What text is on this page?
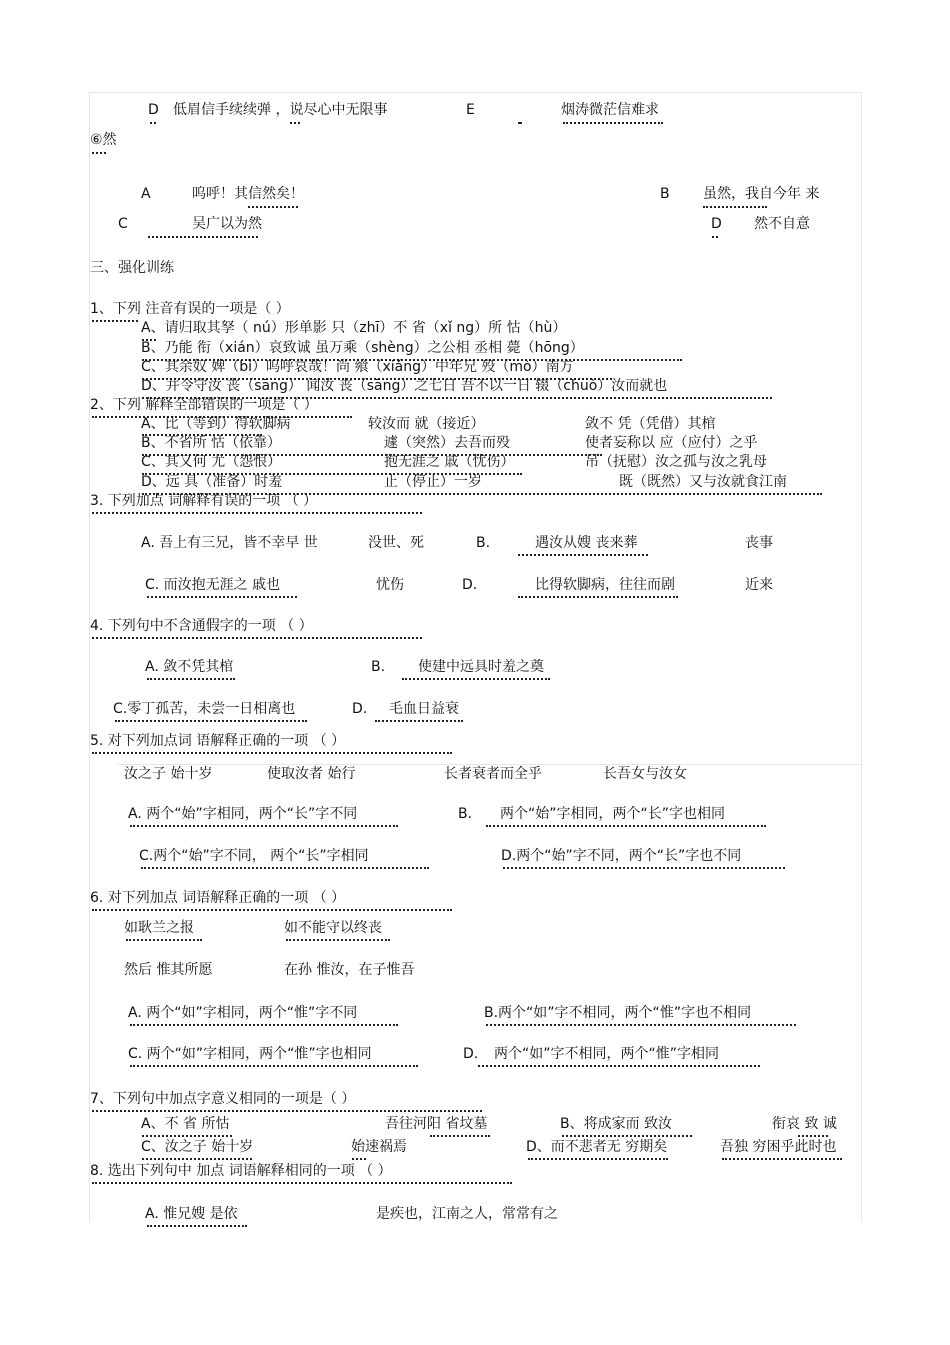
D 低眉信手续续弹 ，说尽心中无限事	E	烟涛微茫信难求
⑥然
A	呜呼！其信然矣！	B 虽然，我自今年 来
C	吴广以为然	D 然不自意
三、强化训练
1、下列 注音有误的一项是（ ）
A、请归取其孥（ nú）形单影 只（zhī）不 省（xǐ ng）所 怙（hù）
B、乃能 衔（xián）哀致诚 虽万乘（shèng）之公相 丞相 薨（hōng）
C、其余奴 婢（bì）呜呼哀哉！尚 飨（xiǎng）中年兄 殁（mò）南方
D、并令守汝 丧（sāng） 闻汝 丧（sāng）之七日 吾不以一日 辍（chuò）汝而就也
2、下列 解释全部错误的一项是（ ）
A、比（等到）得软脚病	较汝而 就（接近）	敛不 凭（凭借）其棺
B、不省所 怙（依靠）	遽（突然）去吾而殁	使者妄称以 应（应付）之乎
C、其又何 尤（怨恨）	抱无涯之 戚（忧伤）	吊（抚慰）汝之孤与汝之乳母
D、远 具（准备）时羞	止（停止）一岁	既（既然）又与汝就食江南
3. 下列加点 词解释有误的一项 （ ）
A. 吾上有三兄，皆不幸早 世	没世、死	B.	遇汝从嫂 丧来葬	丧事
C. 而汝抱无涯之 戚也	忧伤	D.	比得软脚病，往往而剧	近来
4. 下列句中不含通假字的一项 （ ）
A. 敛不凭其棺	B. 使建中远具时羞之奠
C.零丁孤苦，未尝一日相离也	D. 毛血日益衰
5. 对下列加点词 语解释正确的一项 （ ）
汝之子 始十岁	使取汝者 始行	长者衰者而全乎	长吾女与汝女
A. 两个“始”字相同，两个“长”字不同	B. 两个“始”字相同，两个“长”字也相同
C.两个“始”字不同， 两个“长”字相同	D.两个“始”字不同，两个“长”字也不同
6. 对下列加点 词语解释正确的一项 （ ）
如耿兰之报	如不能守以终丧
然后 惟其所愿	在孙 惟汝，在子惟吾
A. 两个“如”字相同，两个“惟”字不同	B.两个“如”字不相同，两个“惟”字也不相同
C. 两个“如”字相同，两个“惟”字也相同	D. 两个“如”字不相同，两个“惟”字相同
7、下列句中加点字意义相同的一项是（ ）
A、不 省 所怙	吾往河阳 省坟墓	B、将成家而 致汝	衔哀 致 诚
C、汝之子 始十岁	始速祸焉	D、而不悲者无 穷期矣	吾独 穷困乎此时也
8. 选出下列句中 加点 词语解释相同的一项 （ ）
A. 惟兄嫂 是依	是疾也，江南之人，常常有之
